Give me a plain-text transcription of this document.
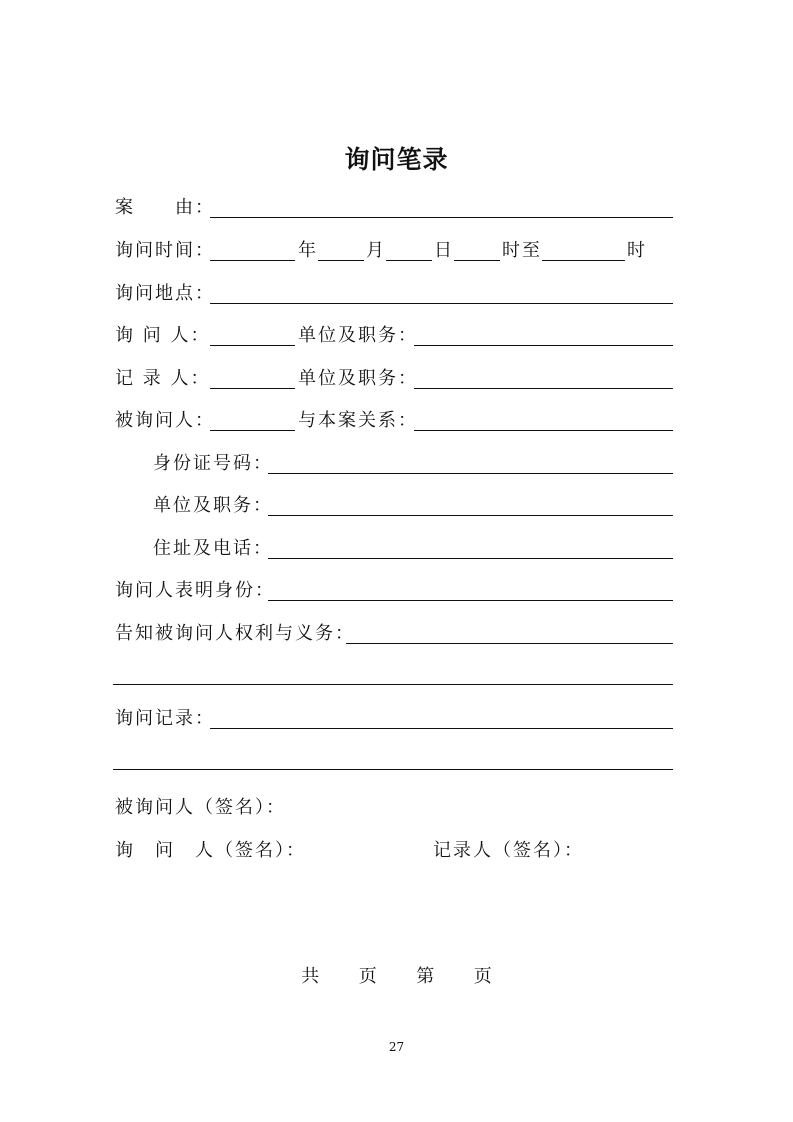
询问笔录
案　　由：
询问时间：	年	月	日	时至	时
询问地点：
询 问 人：	单位及职务：
记 录 人：	单位及职务：
被询问人：	与本案关系：
身份证号码：
单位及职务：
住址及电话：
询问人表明身份：
告知被询问人权利与义务：
询问记录：
被询问人（签名）：
询　问　人（签名）：	记录人（签名）：
共 页 第 页
27
